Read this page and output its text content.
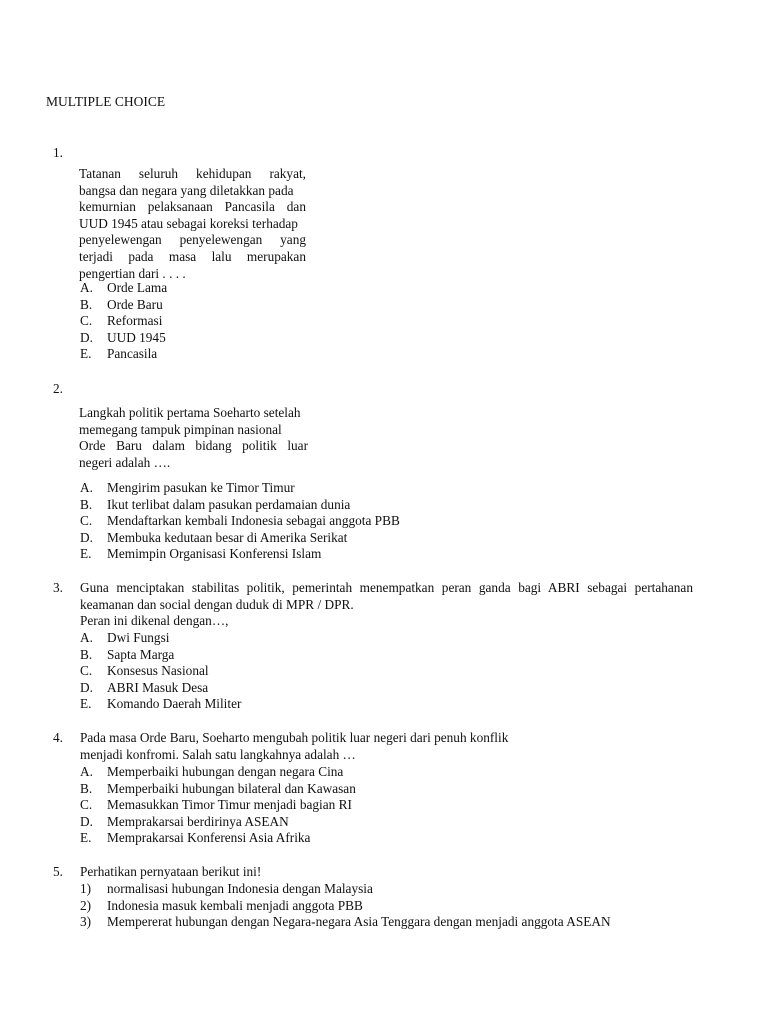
MULTIPLE CHOICE
1.

Tatanan seluruh kehidupan rakyat,

bangsa dan negara yang diletakkan pada

kemurnian pelaksanaan Pancasila dan

UUD 1945 atau sebagai koreksi terhadap

penyelewengan penyelewengan yang

terjadi pada masa lalu merupakan

pengertian dari . . . .

A. Orde Lama
B. Orde Baru
C. Reformasi
D. UUD 1945
E. Pancasila
2.

Langkah politik pertama Soeharto setelah

memegang tampuk pimpinan nasional

Orde Baru dalam bidang politik luar

negeri adalah ….

A. Mengirim pasukan ke Timor Timur
B. Ikut terlibat dalam pasukan perdamaian dunia
C. Mendaftarkan kembali Indonesia sebagai anggota PBB
D. Membuka kedutaan besar di Amerika Serikat
E. Memimpin Organisasi Konferensi Islam
3.	Guna menciptakan stabilitas politik, pemerintah menempatkan peran ganda bagi ABRI sebagai pertahanan

keamanan dan social dengan duduk di MPR / DPR.

Peran ini dikenal dengan…,

A. Dwi Fungsi
B. Sapta Marga
C. Konsesus Nasional
D. ABRI Masuk Desa
E. Komando Daerah Militer
4.	Pada masa Orde Baru, Soeharto mengubah politik luar negeri dari penuh konflik

menjadi konfromi. Salah satu langkahnya adalah …

A. Memperbaiki hubungan dengan negara Cina
B. Memperbaiki hubungan bilateral dan Kawasan
C. Memasukkan Timor Timur menjadi bagian RI
D. Memprakarsai berdirinya ASEAN
E. Memprakarsai Konferensi Asia Afrika
5.	Perhatikan pernyataan berikut ini!

1) normalisasi hubungan Indonesia dengan Malaysia
2) Indonesia masuk kembali menjadi anggota PBB
3) Mempererat hubungan dengan Negara-negara Asia Tenggara dengan menjadi anggota ASEAN
